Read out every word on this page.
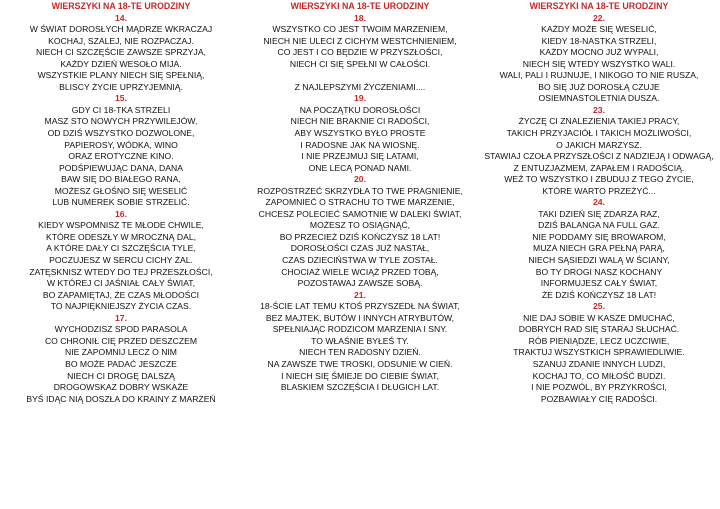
WIERSZYKI NA 18-TE URODZINY
14.
W ŚWIAT DOROSŁYCH MĄDRZE WKRACZAJ
KOCHAJ, SZALEJ, NIE ROZPACZAJ.
NIECH CI SZCZĘŚCIE ZAWSZE SPRZYJA,
KAŻDY DZIEŃ WESOŁO MIJA.
WSZYSTKIE PLANY NIECH SIĘ SPEŁNIĄ,
BLISCY ŻYCIE UPRZYJEMNIĄ.
15.
GDY CI 18-TKA STRZELI
MASZ STO NOWYCH PRZYWILEJÓW,
OD DZIŚ WSZYSTKO DOZWOLONE,
PAPIEROSY, WÓDKA, WINO
ORAZ EROTYCZNE KINO.
PODŚPIEWUJĄC DANA, DANA
BAW SIĘ DO BIAŁEGO RANA,
MOŻESZ GŁOŚNO SIĘ WESELIĆ
LUB NUMEREK SOBIE STRZELIĆ.
16.
KIEDY WSPOMNISZ TE MŁODE CHWILE,
KTÓRE ODESZŁY W MROCZNĄ DAL,
A KTÓRE DAŁY CI SZCZĘŚCIA TYLE,
POCZUJESZ W SERCU CICHY ŻAL.
ZATĘSKNISZ WTEDY DO TEJ PRZESZŁOŚCI,
W KTÓREJ CI JAŚNIAŁ CAŁY ŚWIAT,
BO ZAPAMIĘTAJ, ŻE CZAS MŁODOŚCI
TO NAJPIĘKNIEJSZY ŻYCIA CZAS.
17.
WYCHODZISZ SPOD PARASOLA
CO CHRONIŁ CIĘ PRZED DESZCZEM
NIE ZAPOMNIJ LECZ O NIM
BO MOŻE PADAĆ JESZCZE
NIECH CI DROGĘ DALSZĄ
DROGOWSKAZ DOBRY WSKAŻE
BYŚ IDĄC NIĄ DOSZŁA DO KRAINY Z MARZEŃ
WIERSZYKI NA 18-TE URODZINY
18.
WSZYSTKO CO JEST TWOIM MARZENIEM,
NIECH NIE ULECI Z CICHYM WESTCHNIENIEM,
CO JEST I CO BĘDZIE W PRZYSZŁOŚCI,
NIECH CI SIĘ SPEŁNI W CAŁOŚCI.
Z NAJLEPSZYMI ŻYCZENIAMI....
19.
NA POCZĄTKU DOROSŁOŚCI
NIECH NIE BRAKNIE CI RADOŚCI,
ABY WSZYSTKO BYŁO PROSTE
I RADOSNE JAK NA WIOSNĘ.
I NIE PRZEJMUJ SIĘ LATAMI,
ONE LECĄ PONAD NAMI.
20.
ROZPOSTRZEĆ SKRZYDŁA TO TWE PRAGNIENIE,
ZAPOMNIEĆ O STRACHU TO TWE MARZENIE,
CHCESZ POLECIEĆ SAMOTNIE W DALEKI ŚWIAT,
MOŻESZ TO OSIĄGNĄĆ,
BO PRZECIEŻ DZIŚ KOŃCZYSZ 18 LAT!
DOROSŁOŚCI CZAS JUŻ NASTAŁ,
CZAS DZIECIŃSTWA W TYLE ZOSTAŁ.
CHOCIAŻ WIELE WCIĄŻ PRZED TOBĄ,
POZOSTAWAJ ZAWSZE SOBĄ.
21.
18-ŚCIE LAT TEMU KTOŚ PRZYSZEDŁ NA ŚWIAT,
BEZ MAJTEK, BUTÓW I INNYCH ATRYBUTÓW,
SPEŁNIAJĄC RODZICOM MARZENIA I SNY.
TO WŁAŚNIE BYŁEŚ TY.
NIECH TEN RADOSNY DZIEŃ.
NA ZAWSZE TWE TROSKI, ODSUNIE W CIEŃ.
I NIECH SIĘ ŚMIEJE DO CIEBIE ŚWIAT,
BLASKIEM SZCZĘŚCIA I DŁUGICH LAT.
WIERSZYKI NA 18-TE URODZINY
22.
KAŻDY MOŻE SIĘ WESELIĆ,
KIEDY 18-NASTKA STRZELI,
KAŻDY MOCNO JUŻ WYPALI,
NIECH SIĘ WTEDY WSZYSTKO WALI.
WALI, PALI I RUJNUJE, I NIKOGO TO NIE RUSZA,
BO SIĘ JUŻ DOROSŁĄ CZUJE
OSIEMNASTOLETNIA DUSZA.
23.
ŻYCZĘ CI ZNALEZIENIA TAKIEJ PRACY,
TAKICH PRZYJACIÓŁ I TAKICH MOŻLIWOŚCI,
O JAKICH MARZYSZ.
STAWIAJ CZOŁA PRZYSZŁOŚCI Z NADZIEJĄ I ODWAGĄ,
Z ENTUZJAZMEM, ZAPAŁEM I RADOŚCIĄ.
WEŹ TO WSZYSTKO I ZBUDUJ Z TEGO ŻYCIE,
KTÓRE WARTO PRZEŻYĆ...
24.
TAKI DZIEŃ SIĘ ZDARZA RAZ,
DZIŚ BALANGA NA FULL GAZ.
NIE PODDAMY SIĘ BROWAROM,
MUZA NIECH GRA PEŁNĄ PARĄ,
NIECH SĄSIEDZI WALĄ W ŚCIANY,
BO TY DROGI NASZ KOCHANY
INFORMUJESZ CAŁY ŚWIAT,
ŻE DZIŚ KOŃCZYSZ 18 LAT!
25.
NIE DAJ SOBIE W KASZE DMUCHAĆ,
DOBRYCH RAD SIĘ STARAJ SŁUCHAĆ.
RÓB PIENIĄDZE, LECZ UCZCIWIE,
TRAKTUJ WSZYSTKICH SPRAWIEDLIWIE.
SZANUJ ZDANIE INNYCH LUDZI,
KOCHAJ TO, CO MIŁOŚĆ BUDZI.
I NIE POZWÓL, BY PRZYKROŚCI,
POZBAWIAŁY CIĘ RADOŚCI.
